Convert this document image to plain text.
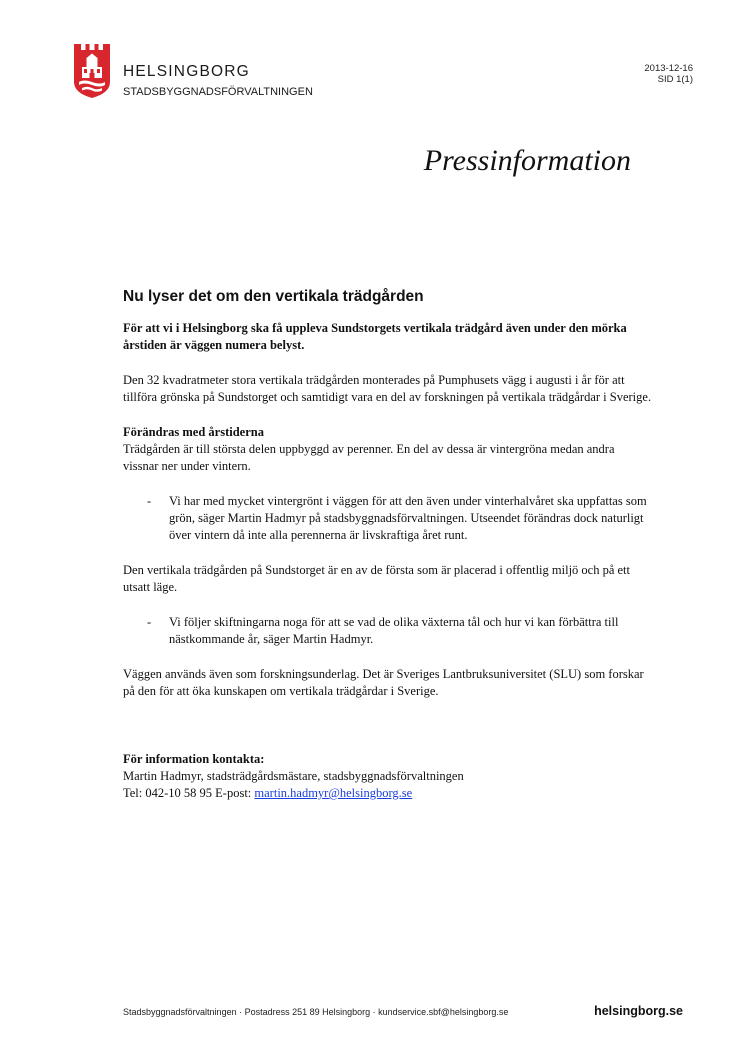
HELSINGBORG
STADSBYGGNADSFÖRVALTNINGEN
2013-12-16
SID 1(1)
Pressinformation
Nu lyser det om den vertikala trädgården

För att vi i Helsingborg ska få uppleva Sundstorgets vertikala trädgård även under den mörka årstiden är väggen numera belyst.

Den 32 kvadratmeter stora vertikala trädgården monterades på Pumphusets vägg i augusti i år för att tillföra grönska på Sundstorget och samtidigt vara en del av forskningen på vertikala trädgårdar i Sverige.

Förändras med årstiderna

Trädgården är till största delen uppbyggd av perenner. En del av dessa är vintergröna medan andra vissnar ner under vintern.

- Vi har med mycket vintergrönt i väggen för att den även under vinterhalvåret ska uppfattas som grön, säger Martin Hadmyr på stadsbyggnadsförvaltningen. Utseendet förändras dock naturligt över vintern då inte alla perennerna är livskraftiga året runt.

Den vertikala trädgården på Sundstorget är en av de första som är placerad i offentlig miljö och på ett utsatt läge.

- Vi följer skiftningarna noga för att se vad de olika växterna tål och hur vi kan förbättra till nästkommande år, säger Martin Hadmyr.

Väggen används även som forskningsunderlag. Det är Sveriges Lantbruksuniversitet (SLU) som forskar på den för att öka kunskapen om vertikala trädgårdar i Sverige.

För information kontakta:
Martin Hadmyr, stadsträdgårdsmästare, stadsbyggnadsförvaltningen
Tel: 042-10 58 95 E-post: martin.hadmyr@helsingborg.se
Stadsbyggnadsförvaltningen · Postadress 251 89 Helsingborg · kundservice.sbf@helsingborg.se	helsingborg.se
